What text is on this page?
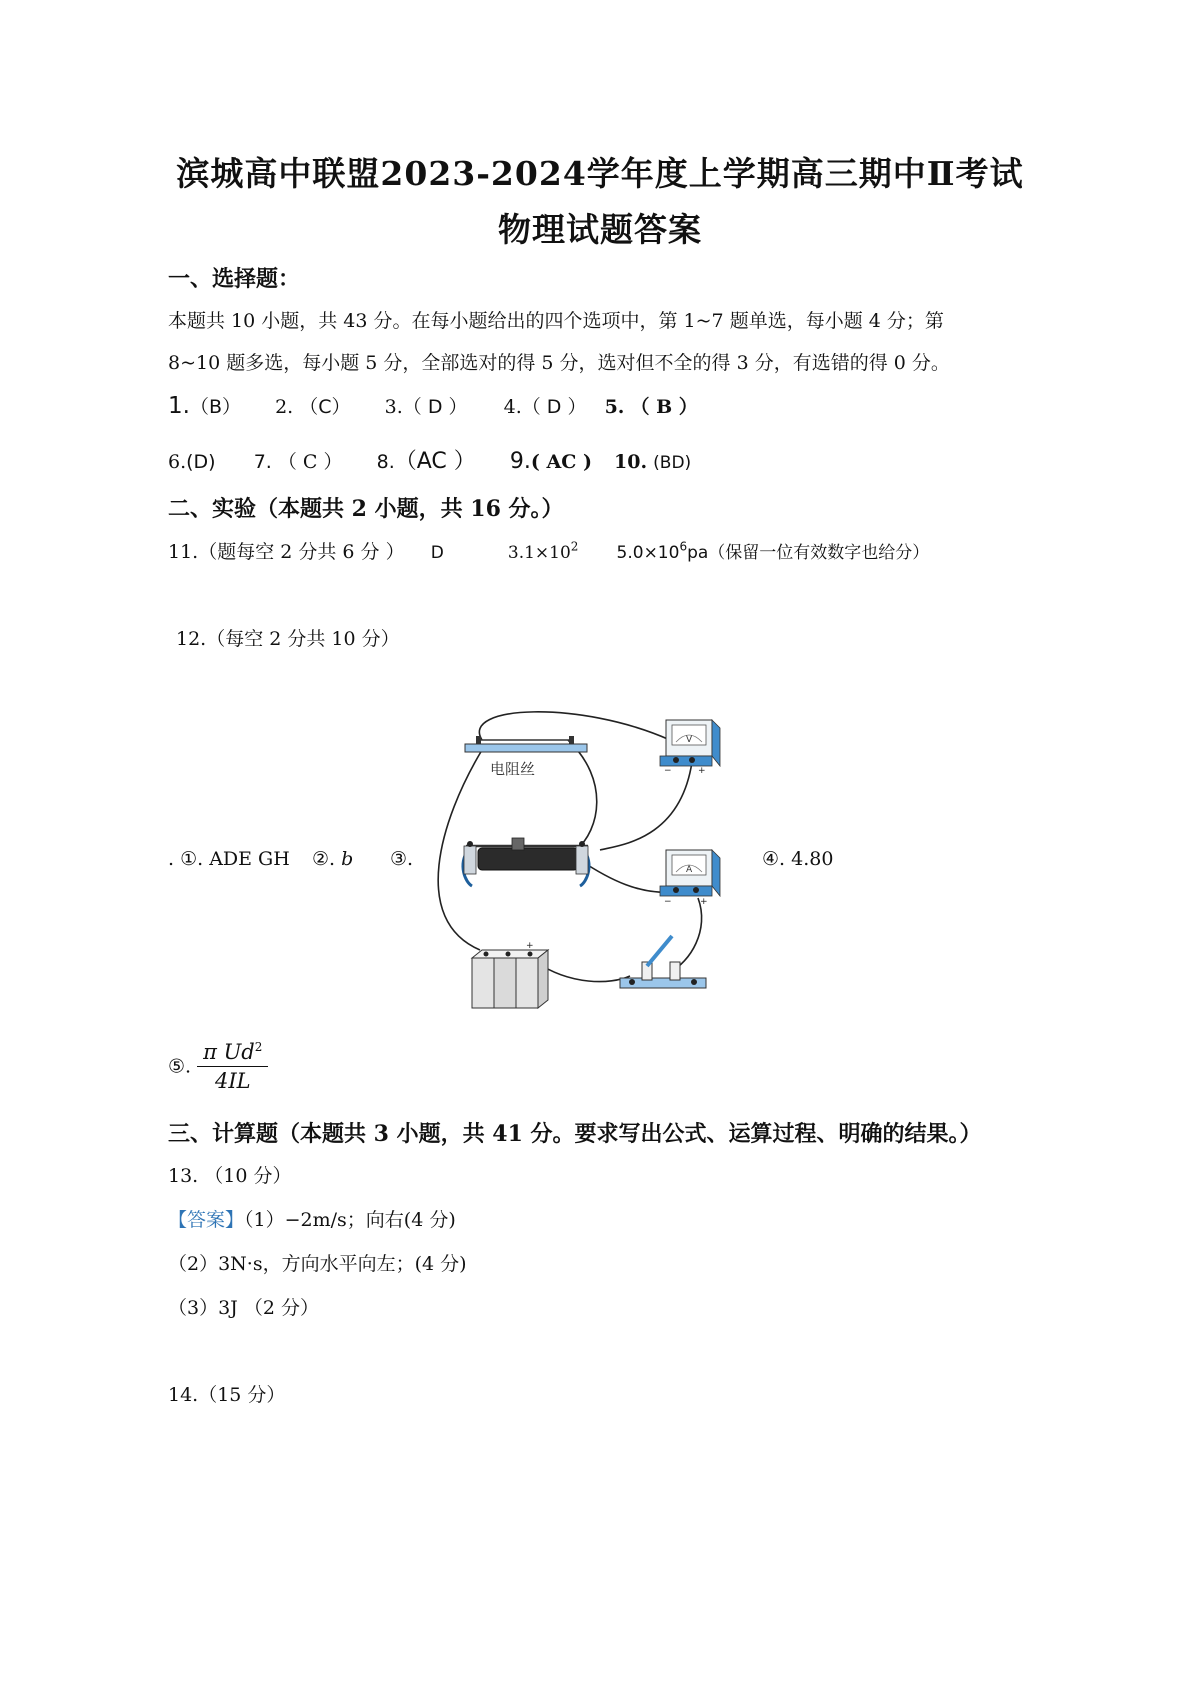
滨城高中联盟2023-2024学年度上学期高三期中Ⅱ考试
物理试题答案
一、选择题：
本题共 10 小题，共 43 分。在每小题给出的四个选项中，第 1~7 题单选，每小题 4 分；第
8~10 题多选，每小题 5 分，全部选对的得 5 分，选对但不全的得 3 分，有选错的得 0 分。
1.（B） 2. （C） 3.（ D ） 4.（ D ） 5. （ B ）
6.(D) 7. （ C ） 8.（AC ） 9.( AC ) 10. (BD)
二、实验（本题共 2 小题，共 16 分。）
11.（题每空 2 分共 6 分 ） D	$3.1\times 10^2$ $5.0\times 10^6pa$（保留一位有效数字也给分）
12.（每空 2 分共 10 分）
. ①. ADE GH ②. b ③.	④. 4.80
电阻丝
V
−	+
A
−	+
+
⑤. $\frac{\pi Ud^2}{4IL}$
三、计算题（本题共 3 小题，共 41 分。要求写出公式、运算过程、明确的结果。）
13. （10 分）
【答案】（1）−2m/s；向右(4 分)
（2）3N·s，方向水平向左；(4 分)
（3）3J （2 分）
14.（15 分）
